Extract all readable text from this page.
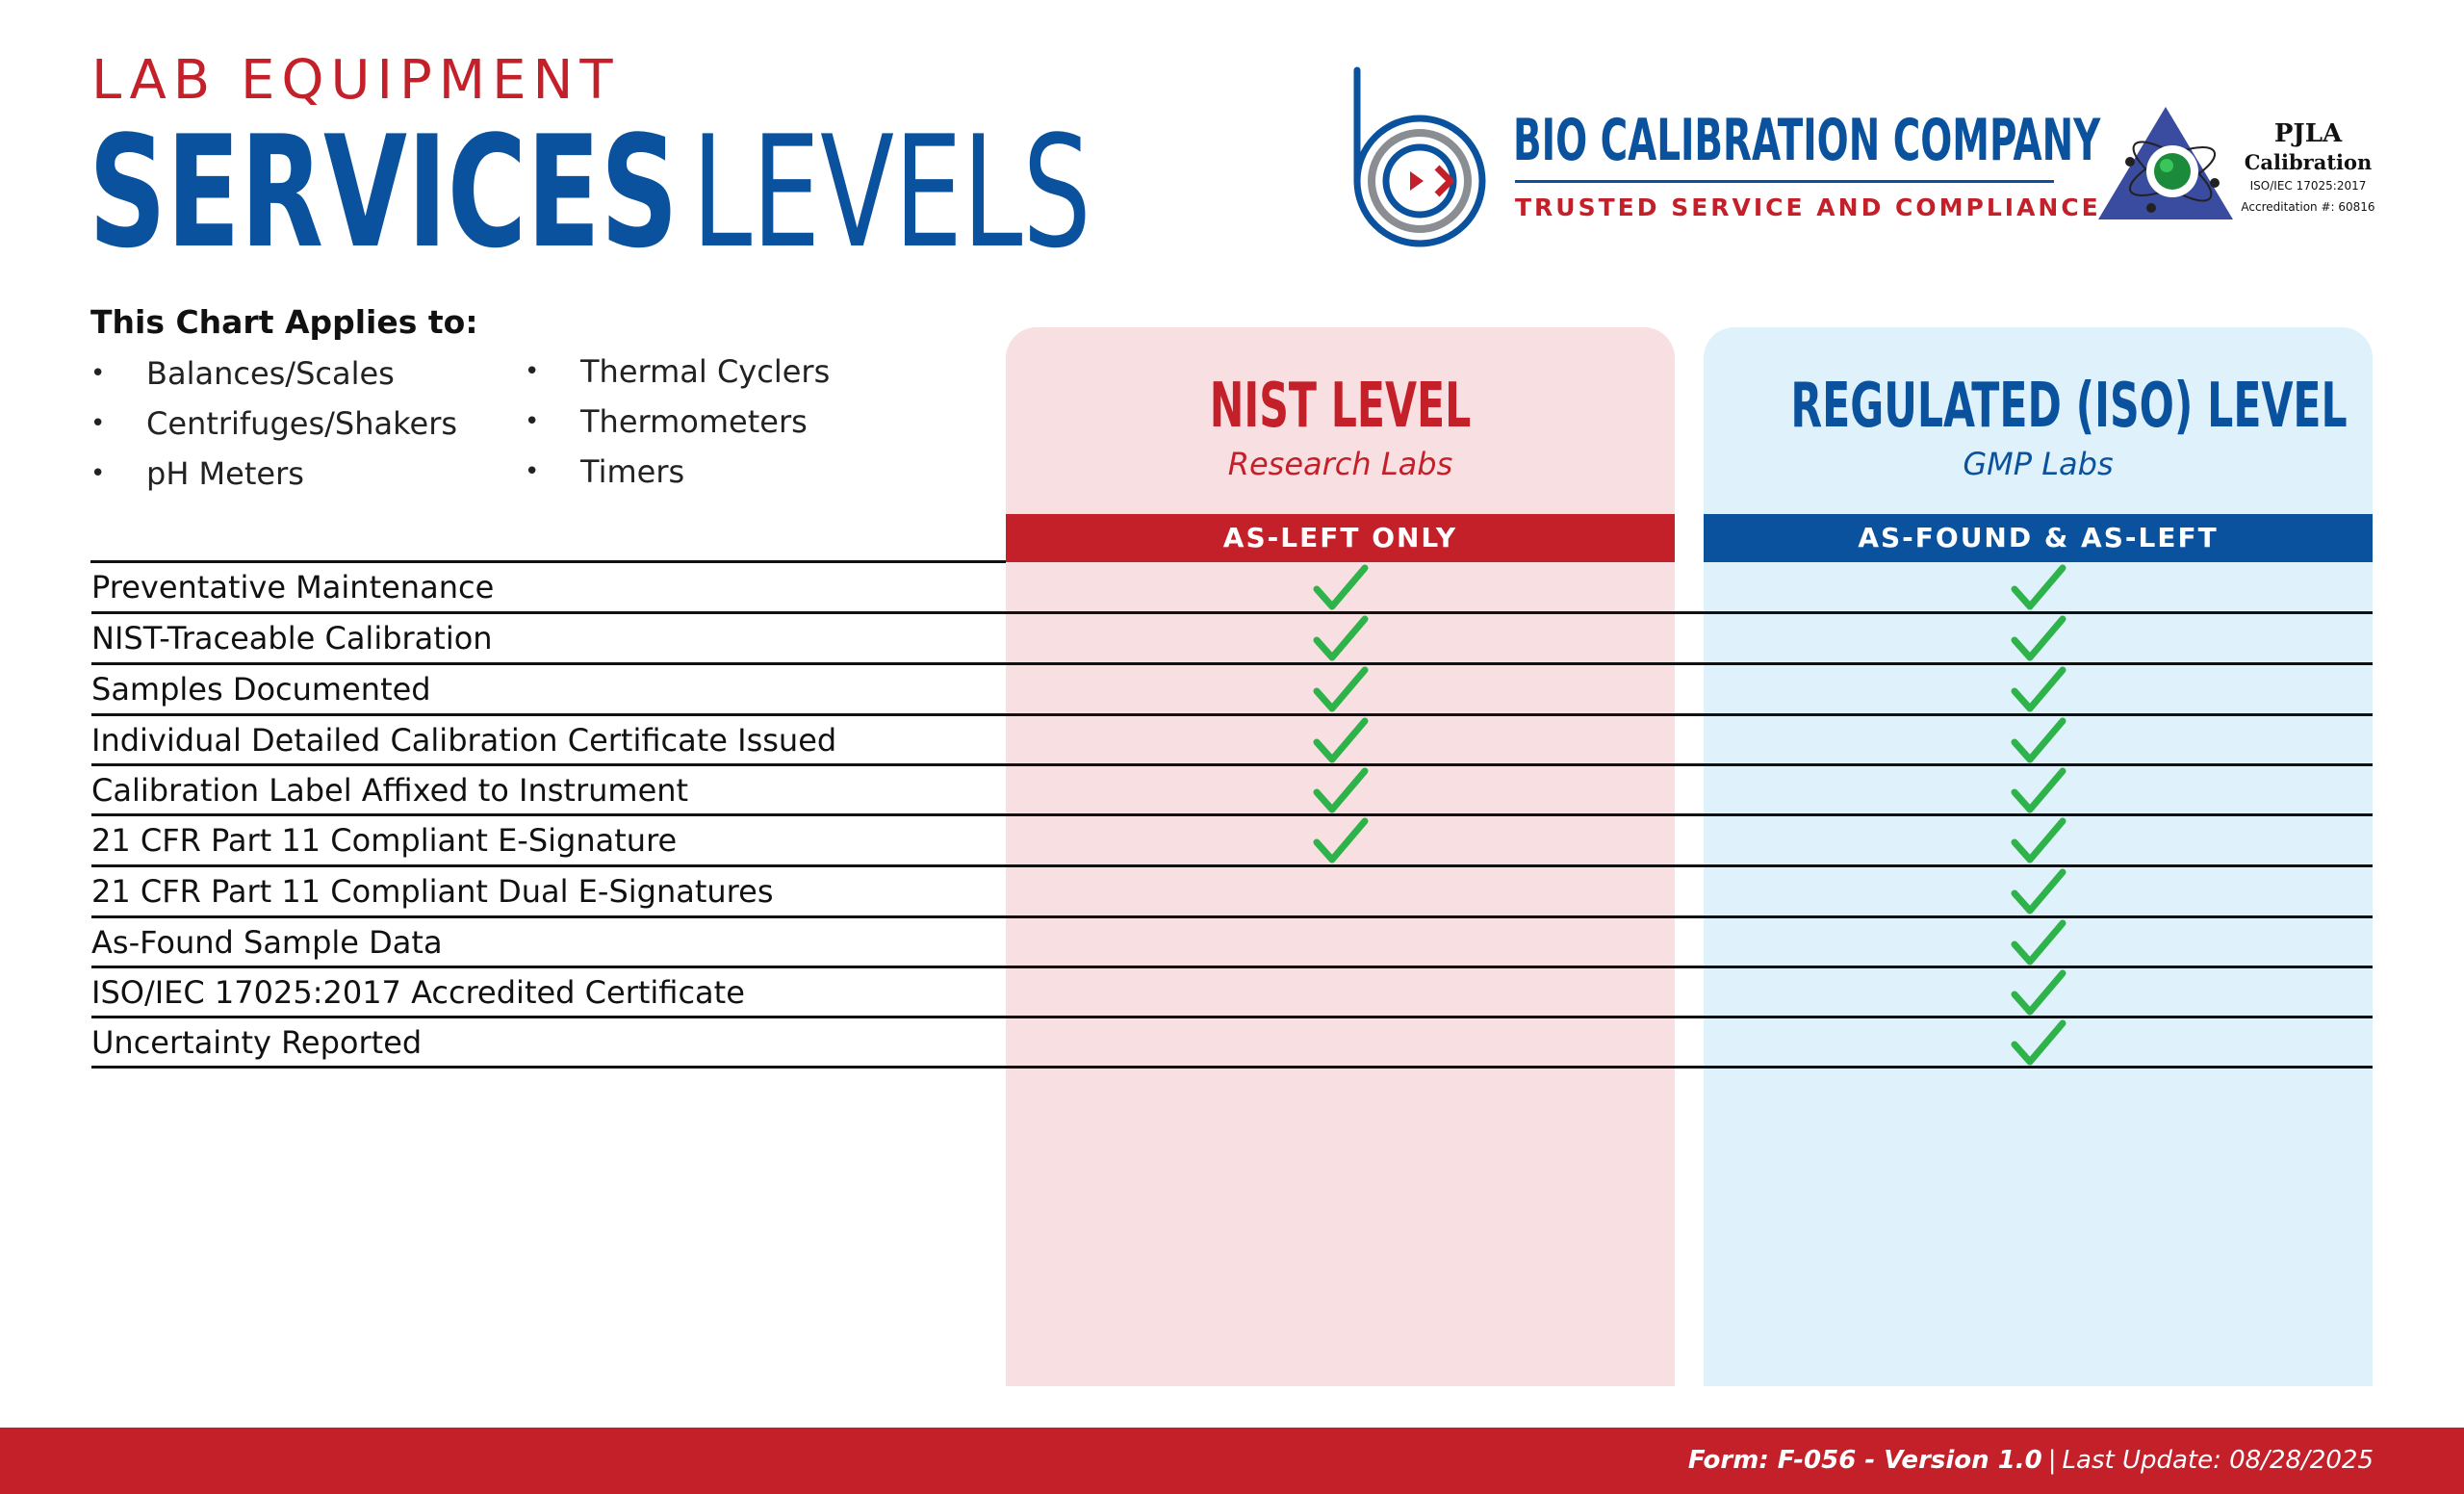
LAB EQUIPMENT
SERVICESLEVELS	BIO CALIBRATION COMPANY
TRUSTED SERVICE AND COMPLIANCE
PJLA
Calibration
ISO/IEC 17025:2017
Accreditation #: 60816
This Chart Applies to:
• Balances/Scales
• Centrifuges/Shakers
• pH Meters
• Thermal Cyclers
• Thermometers
• Timers
NIST LEVEL
Research Labs
AS-LEFT ONLY
REGULATED (ISO) LEVEL
GMP Labs
AS-FOUND & AS-LEFT
Preventative Maintenance
NIST-Traceable Calibration
Samples Documented
Individual Detailed Calibration Certificate Issued
Calibration Label Affixed to Instrument
21 CFR Part 11 Compliant E-Signature
21 CFR Part 11 Compliant Dual E-Signatures
As-Found Sample Data
ISO/IEC 17025:2017 Accredited Certificate
Uncertainty Reported
Form: F-056 - Version 1.0 | Last Update: 08/28/2025
